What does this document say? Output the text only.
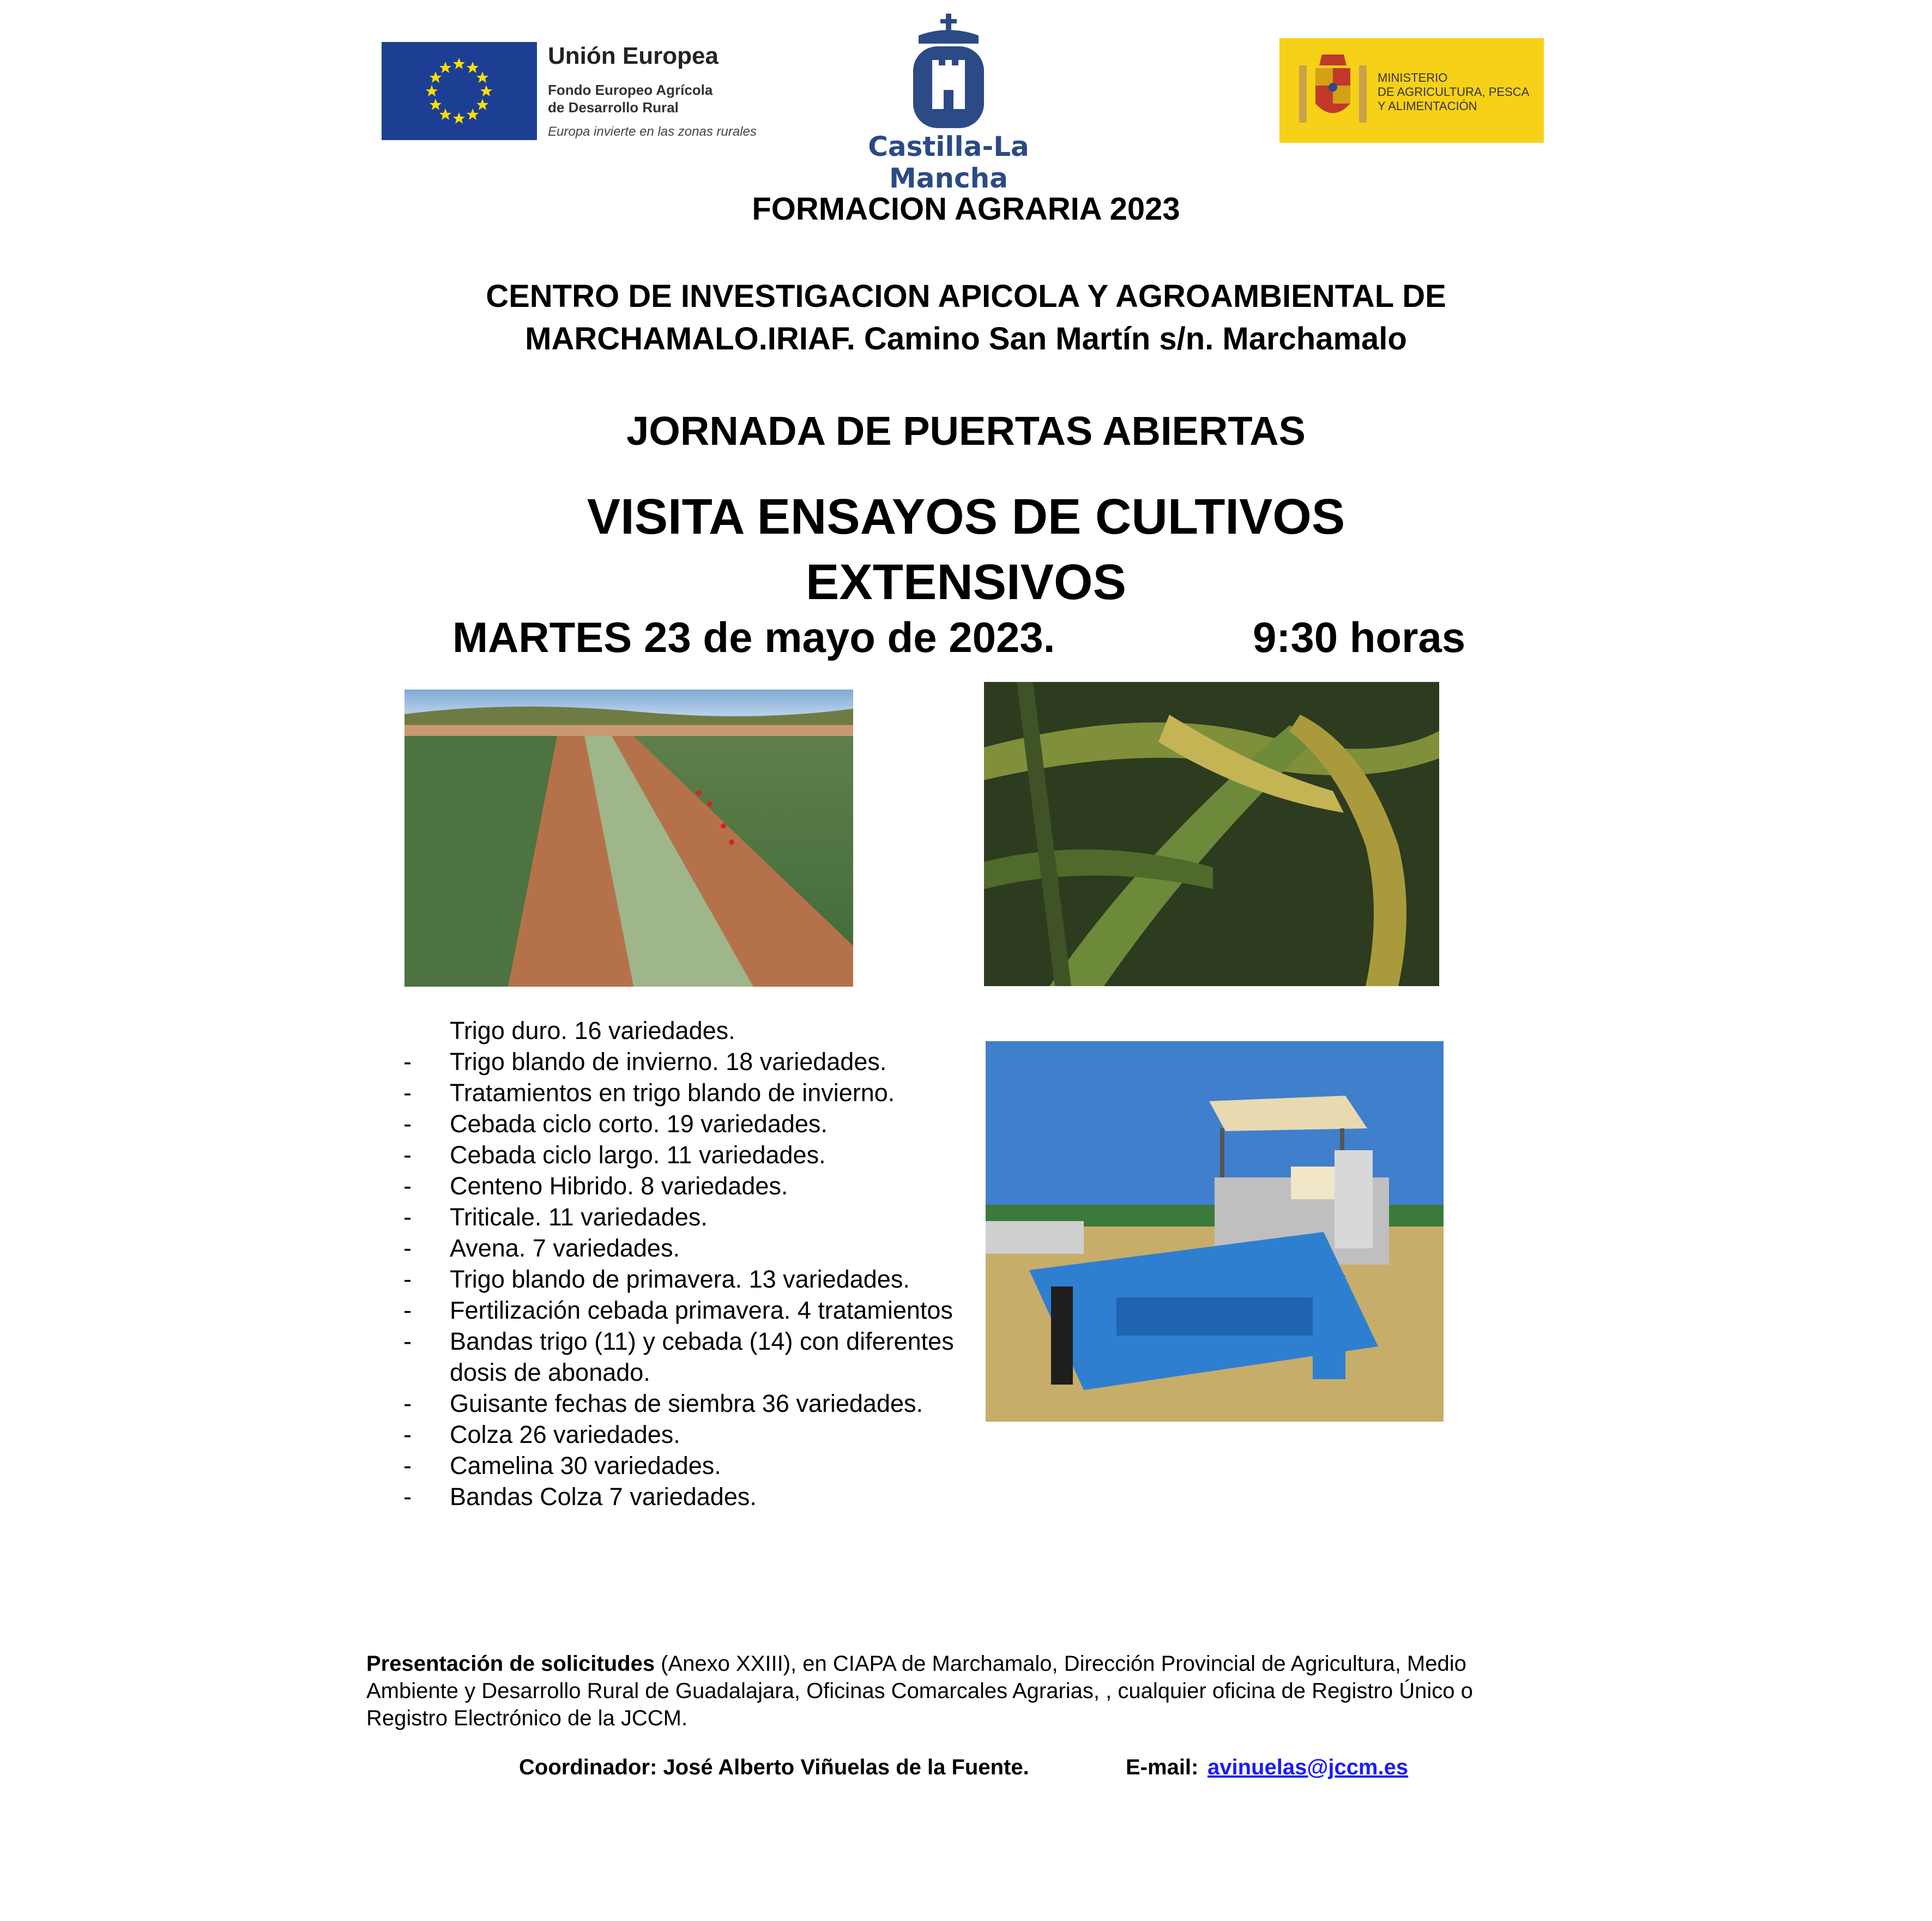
Unión Europea
Fondo Europeo Agrícola
de Desarrollo Rural
Europa invierte en las zonas rurales	Castilla-La Mancha
MINISTERIO
DE AGRICULTURA, PESCA
Y ALIMENTACIÓN
FORMACION AGRARIA 2023
CENTRO DE INVESTIGACION APICOLA Y AGROAMBIENTAL DE
MARCHAMALO.IRIAF. Camino San Martín s/n. Marchamalo
JORNADA DE PUERTAS ABIERTAS
VISITA ENSAYOS DE CULTIVOS
EXTENSIVOS
MARTES 23 de mayo de 2023.	9:30 horas
Trigo duro. 16 variedades.
- Trigo blando de invierno. 18 variedades.
- Tratamientos en trigo blando de invierno.
- Cebada ciclo corto. 19 variedades.
- Cebada ciclo largo. 11 variedades.
- Centeno Hibrido. 8 variedades.
- Triticale. 11 variedades.
- Avena. 7 variedades.
- Trigo blando de primavera. 13 variedades.
- Fertilización cebada primavera. 4 tratamientos
- Bandas trigo (11) y cebada (14) con diferentes dosis de abonado.
- Guisante fechas de siembra 36 variedades.
- Colza 26 variedades.
- Camelina 30 variedades.
- Bandas Colza 7 variedades.
Presentación de solicitudes (Anexo XXIII), en CIAPA de Marchamalo, Dirección Provincial de Agricultura, Medio Ambiente y Desarrollo Rural de Guadalajara, Oficinas Comarcales Agrarias, , cualquier oficina de Registro Único o Registro Electrónico de la JCCM.
Coordinador: José Alberto Viñuelas de la Fuente.	E-mail: avinuelas@jccm.es
